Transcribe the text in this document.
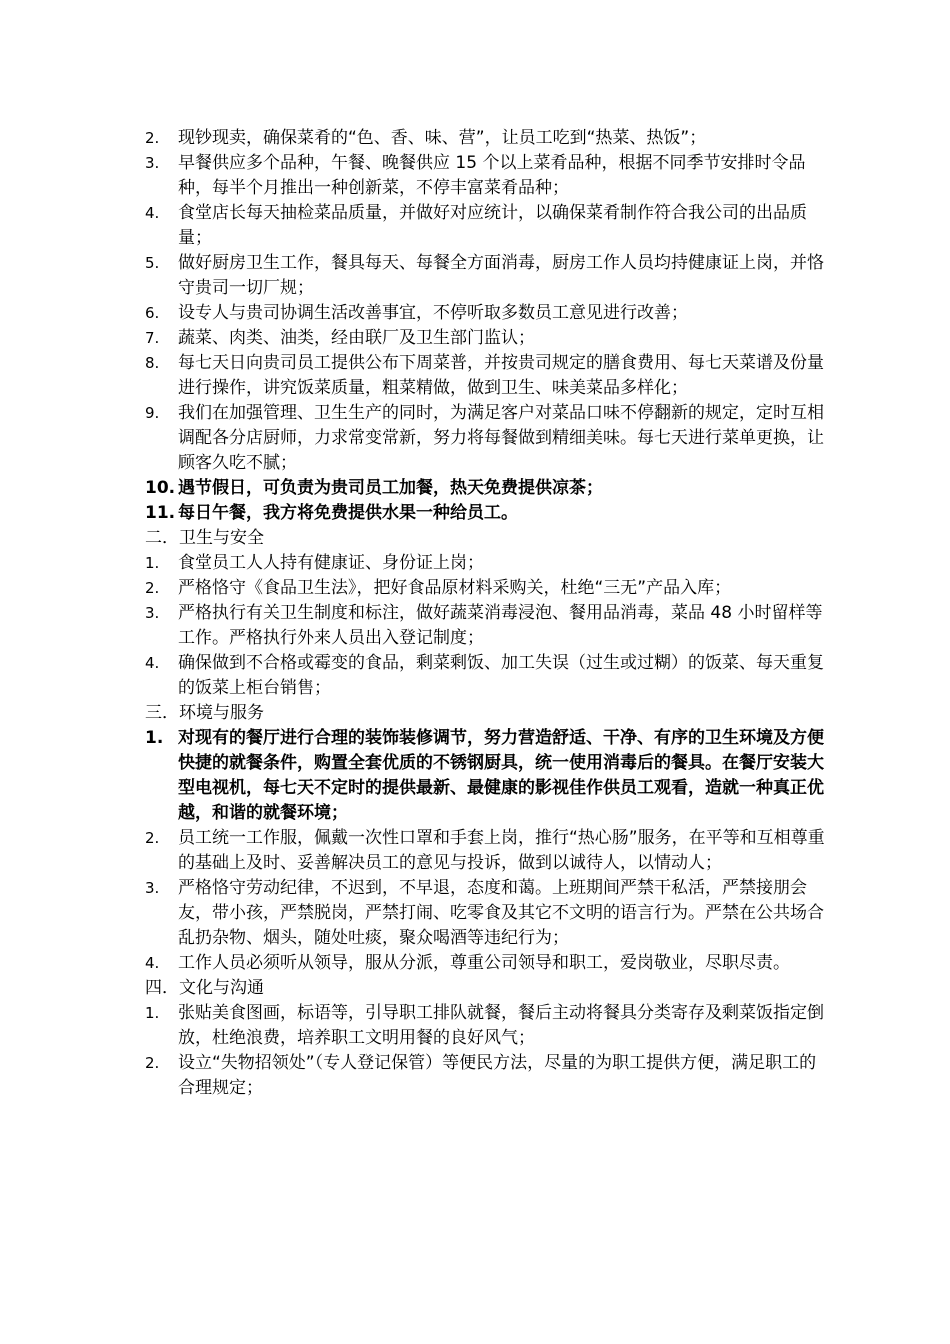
2.	现钞现卖，确保菜肴的“色、香、味、营”，让员工吃到“热菜、热饭”；
3.	早餐供应多个品种，午餐、晚餐供应 15 个以上菜肴品种，根据不同季节安排时令品种，每半个月推出一种创新菜，不停丰富菜肴品种；
4.	食堂店长每天抽检菜品质量，并做好对应统计，以确保菜肴制作符合我公司的出品质量；
5.	做好厨房卫生工作，餐具每天、每餐全方面消毒，厨房工作人员均持健康证上岗，并恪守贵司一切厂规；
6.	设专人与贵司协调生活改善事宜，不停听取多数员工意见进行改善；
7.	蔬菜、肉类、油类，经由联厂及卫生部门监认；
8.	每七天日向贵司员工提供公布下周菜普，并按贵司规定的膳食费用、每七天菜谱及份量进行操作，讲究饭菜质量，粗菜精做，做到卫生、味美菜品多样化；
9.	我们在加强管理、卫生生产的同时，为满足客户对菜品口味不停翻新的规定，定时互相调配各分店厨师，力求常变常新，努力将每餐做到精细美味。每七天进行菜单更换，让顾客久吃不腻；
10. 遇节假日，可负责为贵司员工加餐，热天免费提供凉茶；
11. 每日午餐，我方将免费提供水果一种给员工。
二．卫生与安全
1.	食堂员工人人持有健康证、身份证上岗；
2.	严格恪守《食品卫生法》，把好食品原材料采购关，杜绝“三无”产品入库；
3.	严格执行有关卫生制度和标注，做好蔬菜消毒浸泡、餐用品消毒，菜品 48 小时留样等工作。严格执行外来人员出入登记制度；
4.	确保做到不合格或霉变的食品，剩菜剩饭、加工失误（过生或过糊）的饭菜、每天重复的饭菜上柜台销售；
三．环境与服务
1. 对现有的餐厅进行合理的装饰装修调节，努力营造舒适、干净、有序的卫生环境及方便快捷的就餐条件，购置全套优质的不锈钢厨具，统一使用消毒后的餐具。在餐厅安装大型电视机，每七天不定时的提供最新、最健康的影视佳作供员工观看，造就一种真正优越，和谐的就餐环境；
2.	员工统一工作服，佩戴一次性口罩和手套上岗，推行“热心肠”服务，在平等和互相尊重的基础上及时、妥善解决员工的意见与投诉，做到以诚待人，以情动人；
3.	严格恪守劳动纪律，不迟到，不早退，态度和蔼。上班期间严禁干私活，严禁接朋会友，带小孩，严禁脱岗，严禁打闹、吃零食及其它不文明的语言行为。严禁在公共场合乱扔杂物、烟头，随处吐痰，聚众喝酒等违纪行为；
4.	工作人员必须听从领导，服从分派，尊重公司领导和职工，爱岗敬业，尽职尽责。
四．文化与沟通
1.	张贴美食图画，标语等，引导职工排队就餐，餐后主动将餐具分类寄存及剩菜饭指定倒放，杜绝浪费，培养职工文明用餐的良好风气；
2.	设立“失物招领处”（专人登记保管）等便民方法，尽量的为职工提供方便，满足职工的合理规定；
